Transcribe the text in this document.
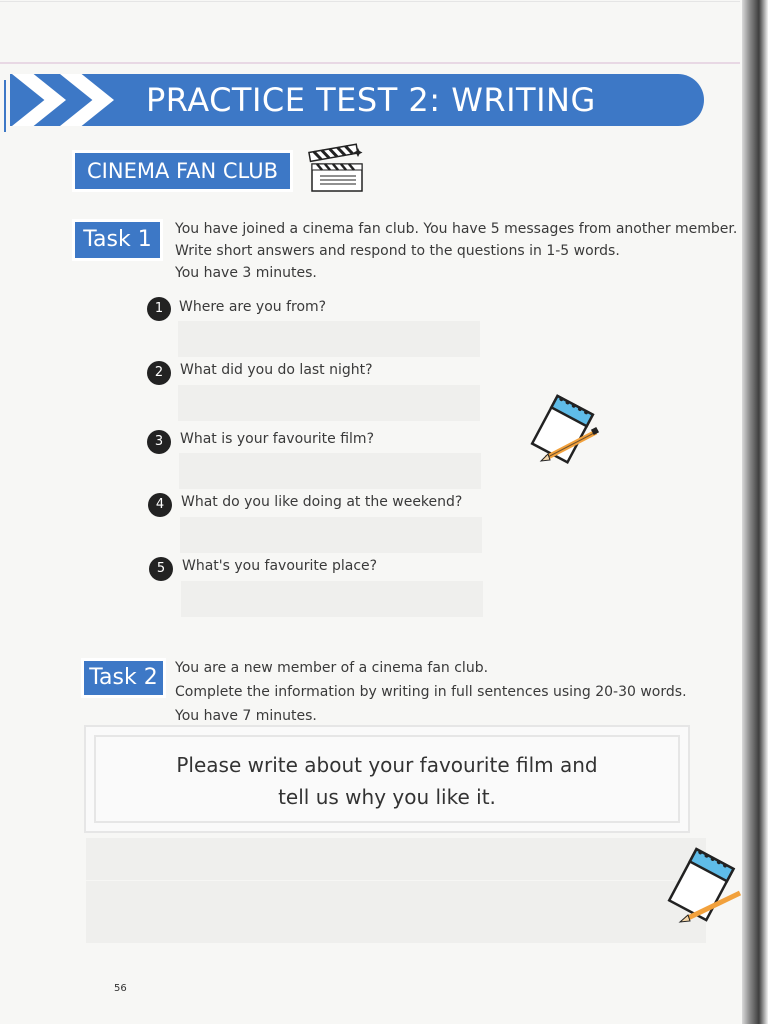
PRACTICE TEST 2: WRITING
CINEMA FAN CLUB
Task 1	You have joined a cinema fan club. You have 5 messages from another member.
Write short answers and respond to the questions in 1-5 words.
You have 3 minutes.
1	Where are you from?
2	What did you do last night?
3	What is your favourite film?
4	What do you like doing at the weekend?
5	What's you favourite place?
Task 2	You are a new member of a cinema fan club.
Complete the information by writing in full sentences using 20-30 words.
You have 7 minutes.
Please write about your favourite film and
tell us why you like it.
56
